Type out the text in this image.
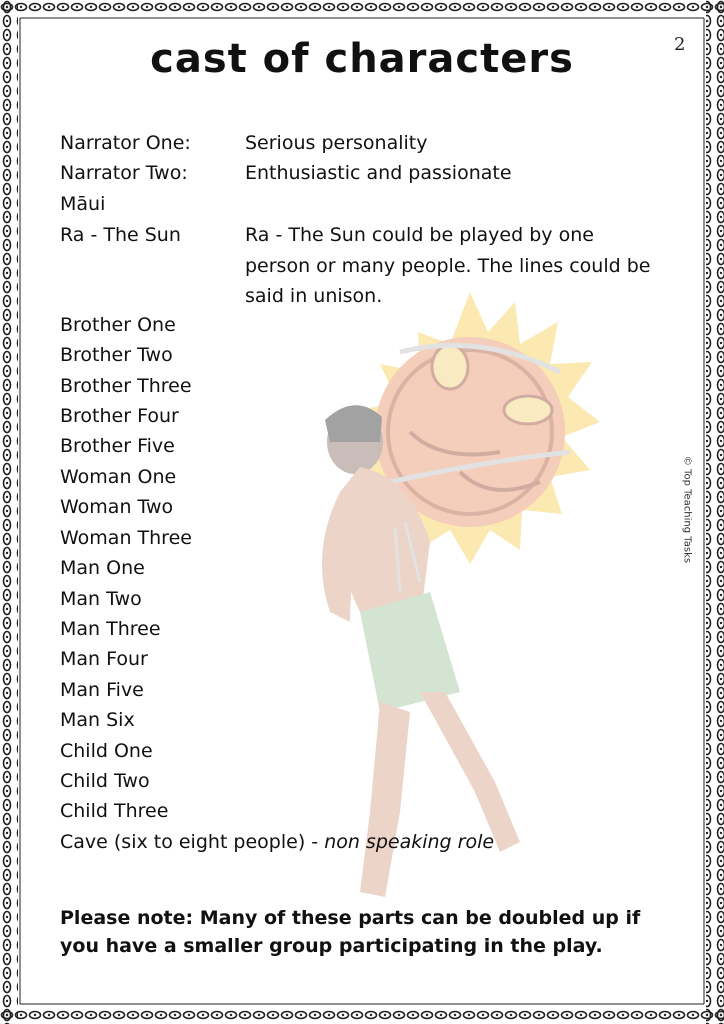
2
cast of characters
© Top Teaching Tasks
Narrator One:	Serious personality
Narrator Two:	Enthusiastic and passionate
Māui
Ra - The Sun	Ra - The Sun could be played by one person or many people. The lines could be said in unison.
Brother One
Brother Two
Brother Three
Brother Four
Brother Five
Woman One
Woman Two
Woman Three
Man One
Man Two
Man Three
Man Four
Man Five
Man Six
Child One
Child Two
Child Three
Cave (six to eight people) - non speaking role
Please note: Many of these parts can be doubled up if you have a smaller group participating in the play.
